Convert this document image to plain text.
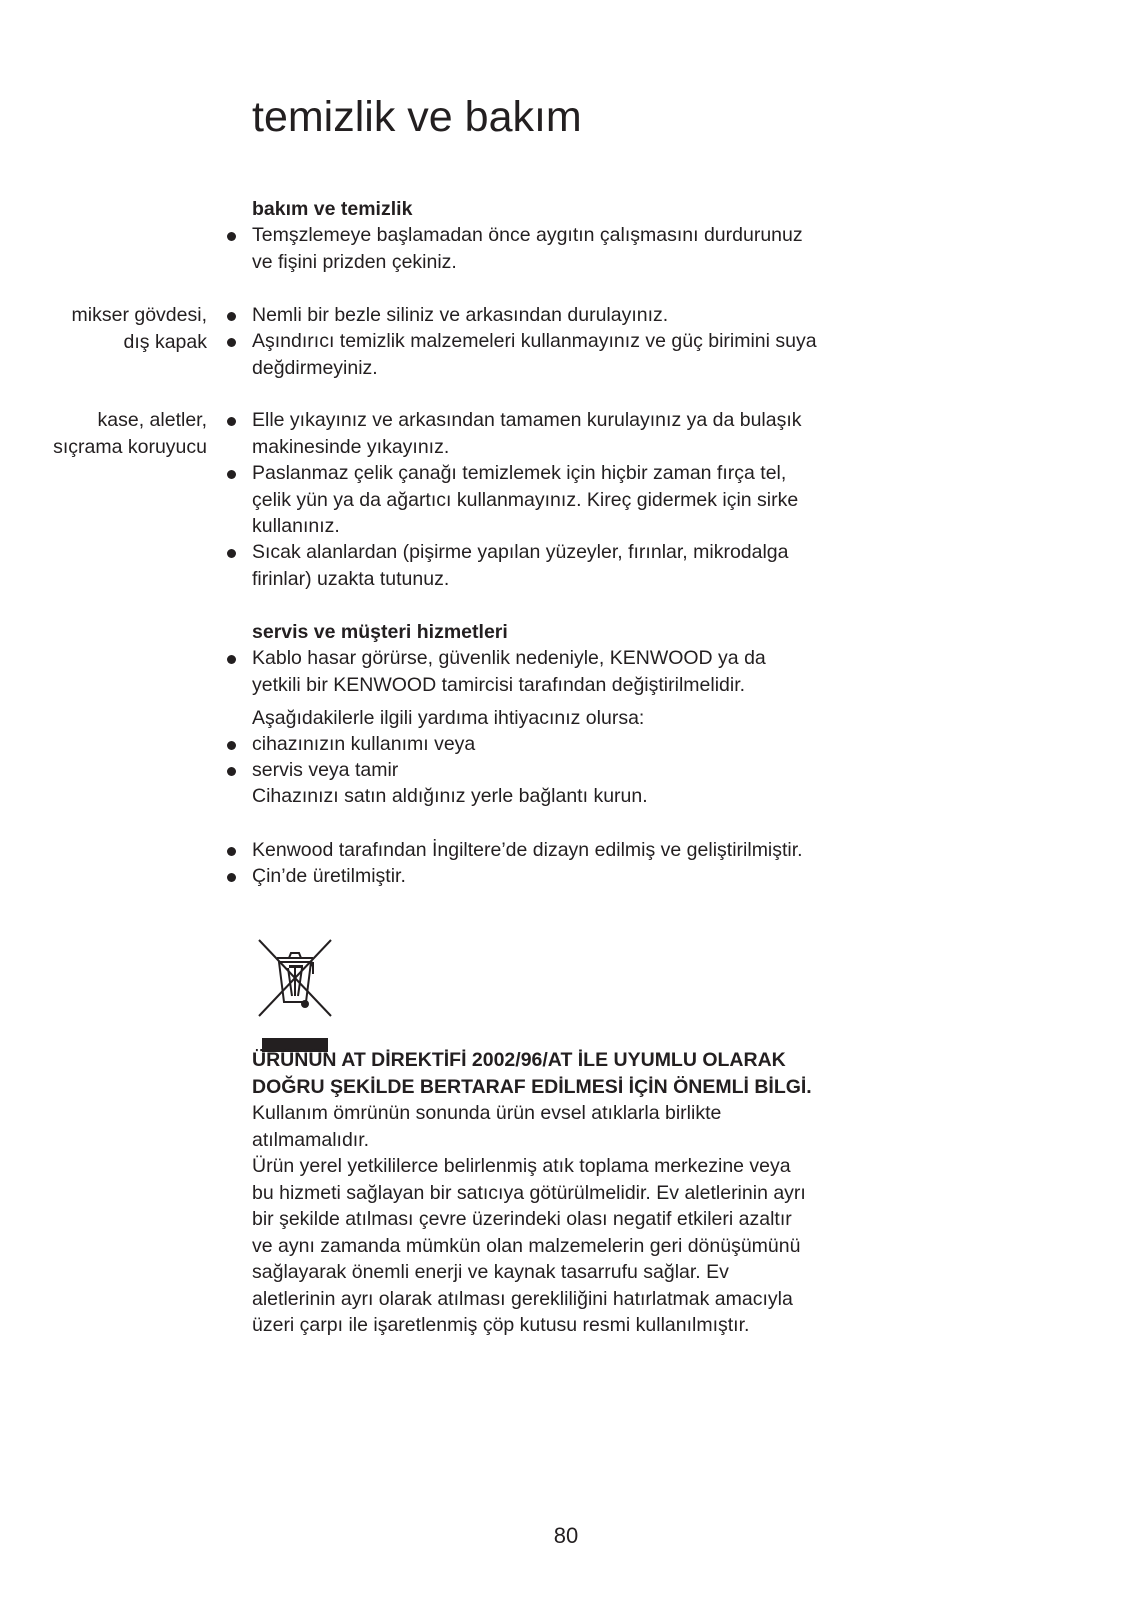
temizlik ve bakım
bakım ve temizlik
Temşzlemeye başlamadan önce aygıtın çalışmasını durdurunuz
ve fişini prizden çekiniz.
mikser gövdesi,
dış kapak
Nemli bir bezle siliniz ve arkasından durulayınız.
Aşındırıcı temizlik malzemeleri kullanmayınız ve güç birimini suya
değdirmeyiniz.
kase, aletler,
sıçrama koruyucu
Elle yıkayınız ve arkasından tamamen kurulayınız ya da bulaşık
makinesinde yıkayınız.
Paslanmaz çelik çanağı temizlemek için hiçbir zaman fırça tel,
çelik yün ya da ağartıcı kullanmayınız. Kireç gidermek için sirke
kullanınız.
Sıcak alanlardan (pişirme yapılan yüzeyler, fırınlar, mikrodalga
firinlar) uzakta tutunuz.
servis ve müşteri hizmetleri
Kablo hasar görürse, güvenlik nedeniyle, KENWOOD ya da
yetkili bir KENWOOD tamircisi tarafından değiştirilmelidir.
Aşağıdakilerle ilgili yardıma ihtiyacınız olursa:
cihazınızın kullanımı veya
servis veya tamir
Cihazınızı satın aldığınız yerle bağlantı kurun.
Kenwood tarafından İngiltere’de dizayn edilmiş ve geliştirilmiştir.
Çin’de üretilmiştir.
ÜRÜNÜN AT DİREKTİFİ 2002/96/AT İLE UYUMLU OLARAK
DOĞRU ŞEKİLDE BERTARAF EDİLMESİ İÇİN ÖNEMLİ BİLGİ.
Kullanım ömrünün sonunda ürün evsel atıklarla birlikte
atılmamalıdır.
Ürün yerel yetkililerce belirlenmiş atık toplama merkezine veya
bu hizmeti sağlayan bir satıcıya götürülmelidir. Ev aletlerinin ayrı
bir şekilde atılması çevre üzerindeki olası negatif etkileri azaltır
ve aynı zamanda mümkün olan malzemelerin geri dönüşümünü
sağlayarak önemli enerji ve kaynak tasarrufu sağlar. Ev
aletlerinin ayrı olarak atılması gerekliliğini hatırlatmak amacıyla
üzeri çarpı ile işaretlenmiş çöp kutusu resmi kullanılmıştır.
80
